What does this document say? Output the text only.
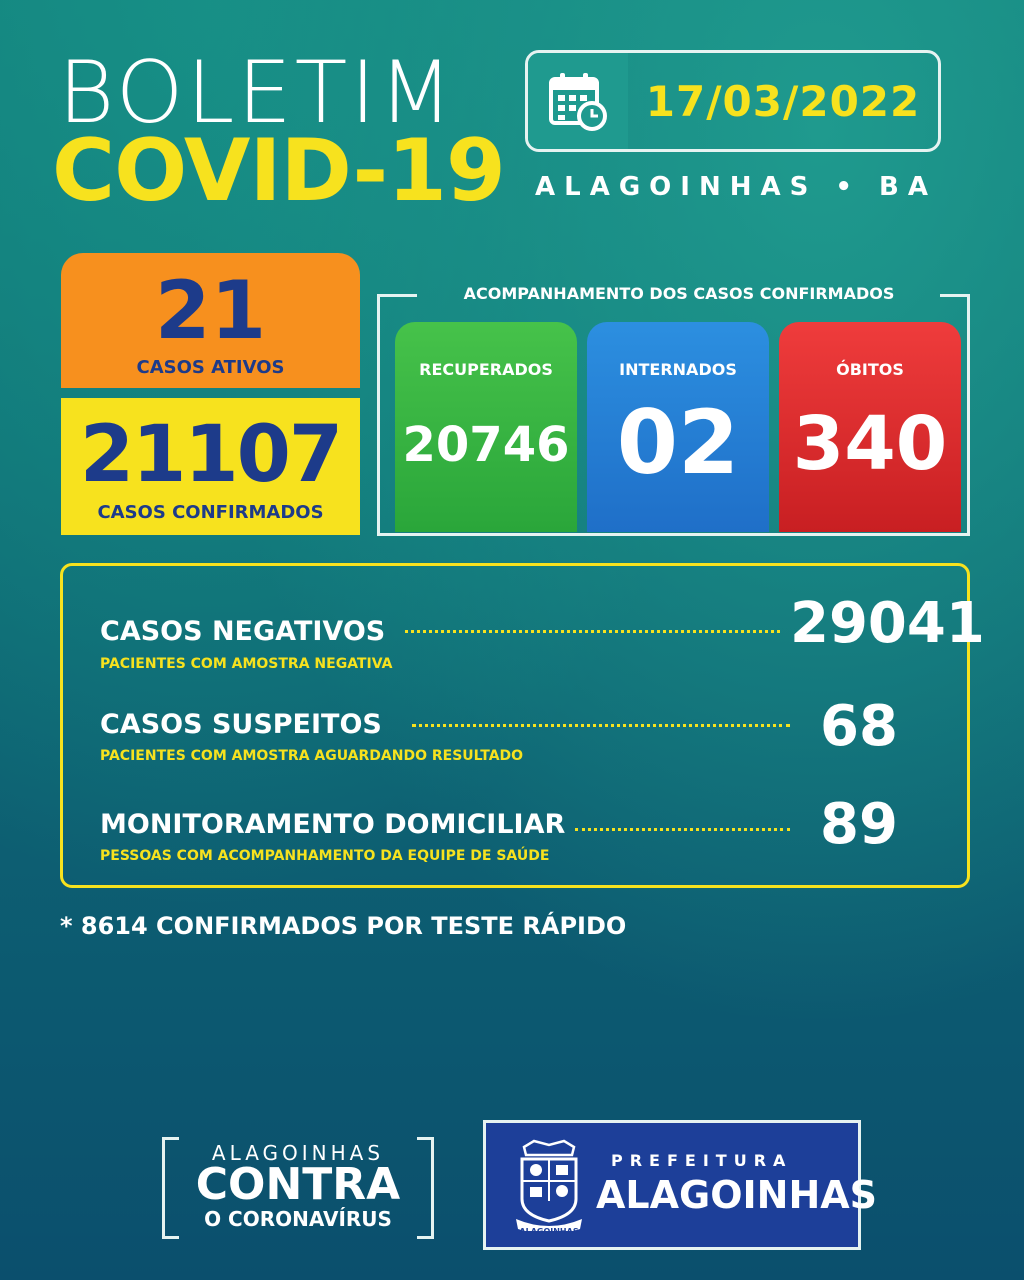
BOLETIM
COVID-19
17/03/2022
ALAGOINHAS • BA
21
CASOS ATIVOS
21107
CASOS CONFIRMADOS
ACOMPANHAMENTO DOS CASOS CONFIRMADOS
RECUPERADOS
20746
INTERNADOS
02
ÓBITOS
340
CASOS NEGATIVOS	29041
PACIENTES COM AMOSTRA NEGATIVA
CASOS SUSPEITOS	68
PACIENTES COM AMOSTRA AGUARDANDO RESULTADO
MONITORAMENTO DOMICILIAR	89
PESSOAS COM ACOMPANHAMENTO DA EQUIPE DE SAÚDE
* 8614 CONFIRMADOS POR TESTE RÁPIDO
ALAGOINHAS
CONTRA
O CORONAVÍRUS
ALAGOINHAS
PREFEITURA
ALAGOINHAS
